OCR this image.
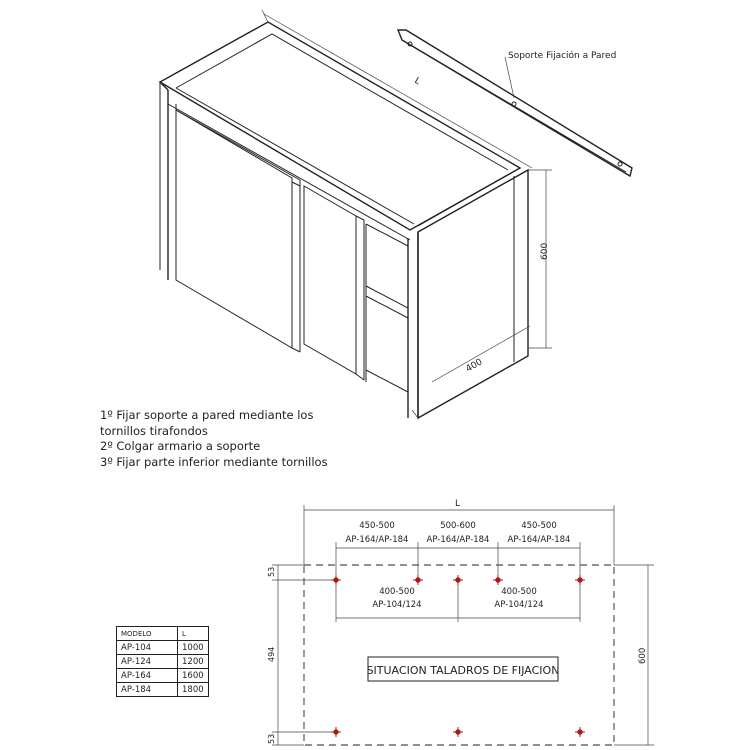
L
600
400
Soporte Fijación a Pared
L
450-500
AP-164/AP-184
500-600
AP-164/AP-184
450-500
AP-164/AP-184
400-500
AP-104/124
400-500
AP-104/124
53
494
53
600
SITUACION TALADROS DE FIJACION
1º Fijar soporte a pared mediante los
tornillos tirafondos
2º Colgar armario a soporte
3º Fijar parte inferior mediante tornillos
MODELO	L
AP-104	1000
AP-124	1200
AP-164	1600
AP-184	1800
